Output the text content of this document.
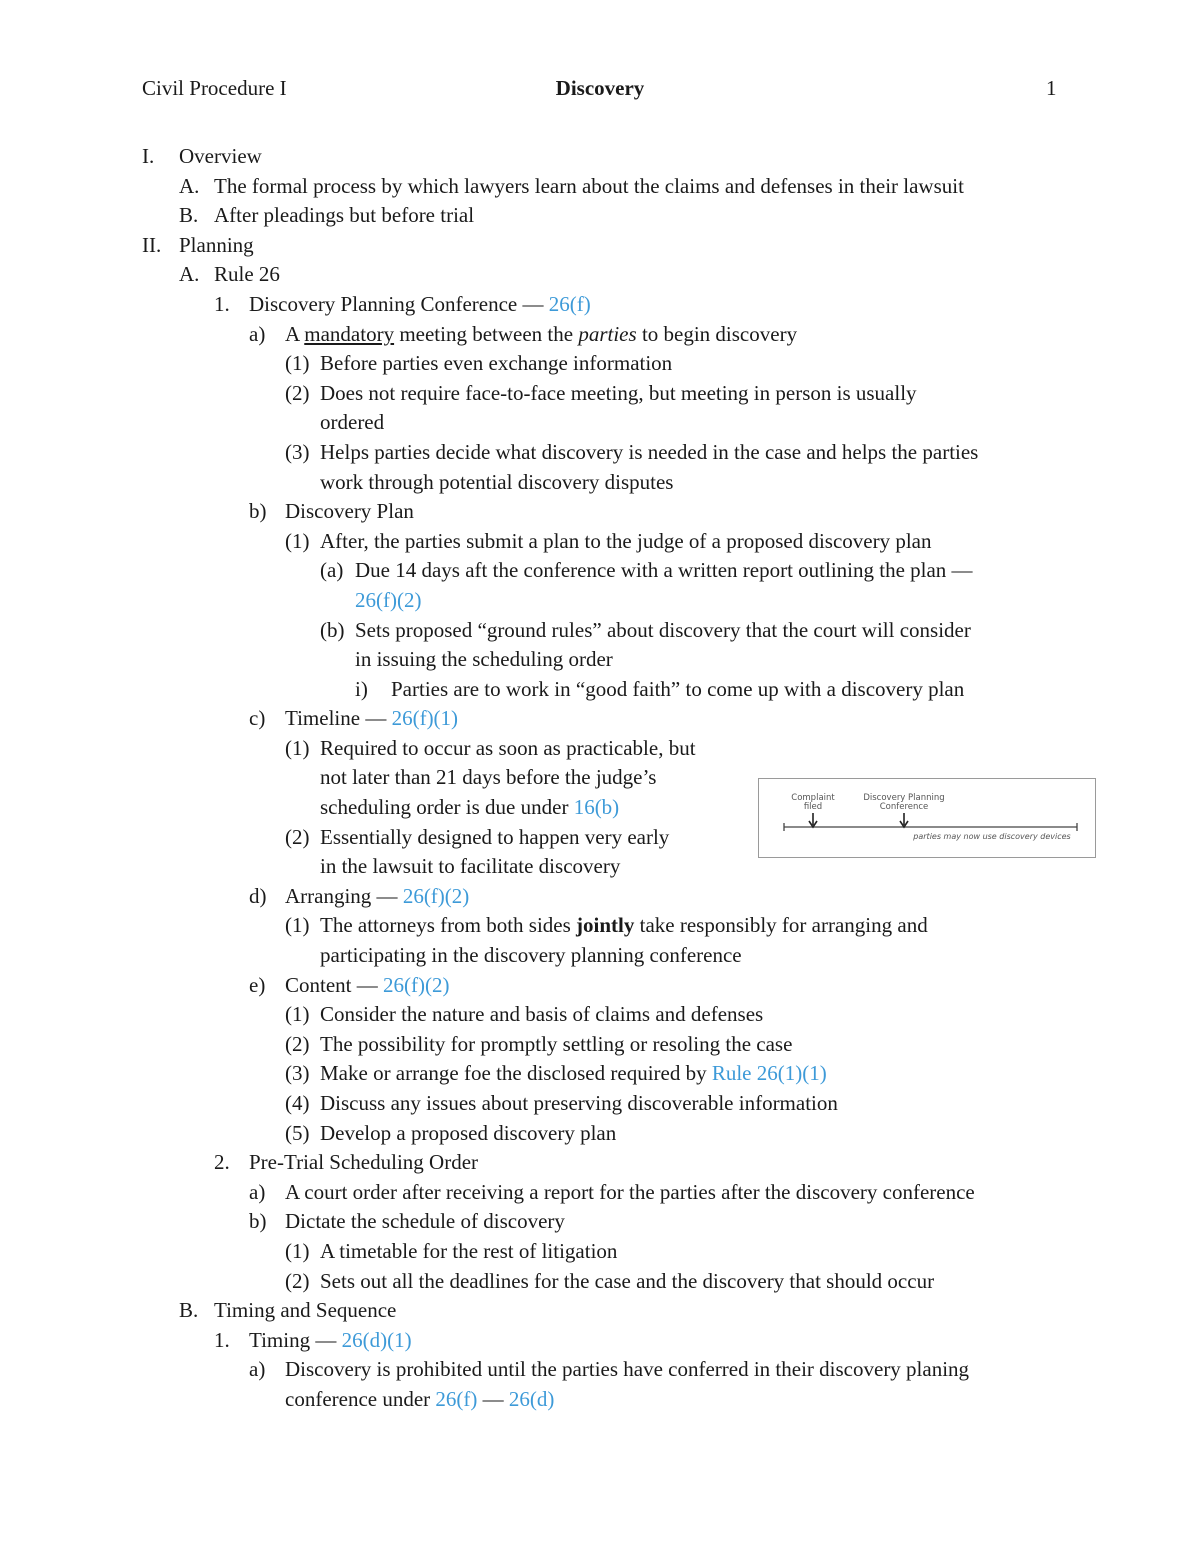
Civil Procedure I	Discovery	1
I. Overview
A. The formal process by which lawyers learn about the claims and defenses in their lawsuit
B. After pleadings but before trial
II. Planning
A. Rule 26
1. Discovery Planning Conference — 26(f)
a) A mandatory meeting between the parties to begin discovery
(1) Before parties even exchange information
(2) Does not require face-to-face meeting, but meeting in person is usually
ordered
(3) Helps parties decide what discovery is needed in the case and helps the parties
work through potential discovery disputes
b) Discovery Plan
(1) After, the parties submit a plan to the judge of a proposed discovery plan
(a) Due 14 days aft the conference with a written report outlining the plan —
26(f)(2)
(b) Sets proposed “ground rules” about discovery that the court will consider
in issuing the scheduling order
i) Parties are to work in “good faith” to come up with a discovery plan
c) Timeline — 26(f)(1)
(1) Required to occur as soon as practicable, but
not later than 21 days before the judge’s
scheduling order is due under 16(b)
(2) Essentially designed to happen very early
in the lawsuit to facilitate discovery
d) Arranging — 26(f)(2)
(1) The attorneys from both sides jointly take responsibly for arranging and
participating in the discovery planning conference
e) Content — 26(f)(2)
(1) Consider the nature and basis of claims and defenses
(2) The possibility for promptly settling or resoling the case
(3) Make or arrange foe the disclosed required by Rule 26(1)(1)
(4) Discuss any issues about preserving discoverable information
(5) Develop a proposed discovery plan
2. Pre-Trial Scheduling Order
a) A court order after receiving a report for the parties after the discovery conference
b) Dictate the schedule of discovery
(1) A timetable for the rest of litigation
(2) Sets out all the deadlines for the case and the discovery that should occur
B. Timing and Sequence
1. Timing — 26(d)(1)
a) Discovery is prohibited until the parties have conferred in their discovery planing
conference under 26(f) — 26(d)
Complaint
filed
Discovery Planning
Conference
parties may now use discovery devices
